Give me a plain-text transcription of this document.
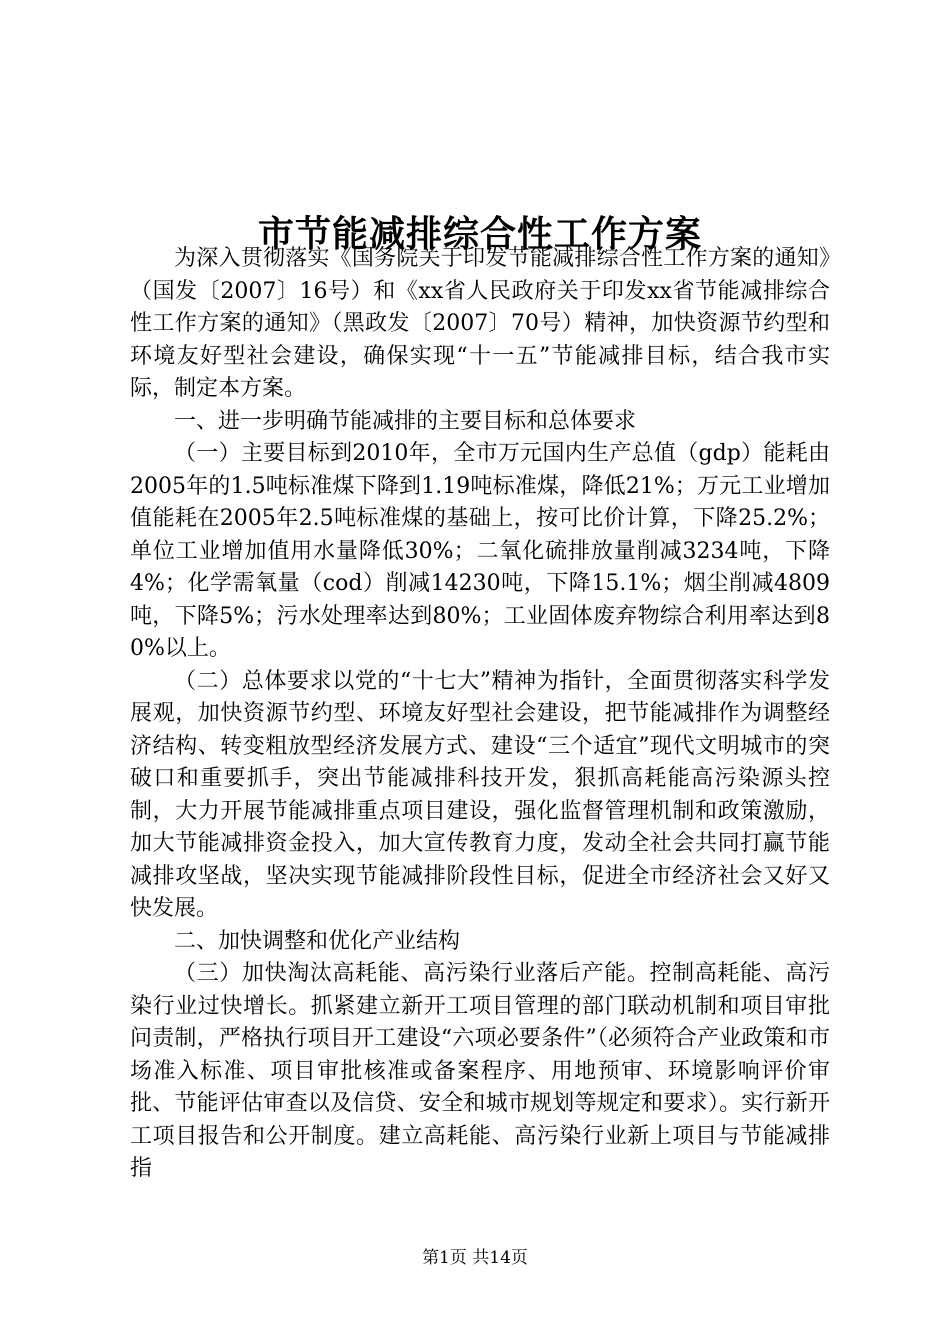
市节能减排综合性工作方案

为深入贯彻落实《国务院关于印发节能减排综合性工作方案的通知》（国发〔2007〕16号）和《xx省人民政府关于印发xx省节能减排综合性工作方案的通知》（黑政发〔2007〕70号）精神，加快资源节约型和环境友好型社会建设，确保实现“十一五”节能减排目标，结合我市实际，制定本方案。

一、进一步明确节能减排的主要目标和总体要求

（一）主要目标到2010年，全市万元国内生产总值（gdp）能耗由2005年的1.5吨标准煤下降到1.19吨标准煤，降低21%；万元工业增加值能耗在2005年2.5吨标准煤的基础上，按可比价计算，下降25.2%；单位工业增加值用水量降低30%；二氧化硫排放量削减3234吨，下降4%；化学需氧量（cod）削减14230吨，下降15.1%；烟尘削减4809吨，下降5%；污水处理率达到80%；工业固体废弃物综合利用率达到80%以上。

（二）总体要求以党的“十七大”精神为指针，全面贯彻落实科学发展观，加快资源节约型、环境友好型社会建设，把节能减排作为调整经济结构、转变粗放型经济发展方式、建设“三个适宜”现代文明城市的突破口和重要抓手，突出节能减排科技开发，狠抓高耗能高污染源头控制，大力开展节能减排重点项目建设，强化监督管理机制和政策激励，加大节能减排资金投入，加大宣传教育力度，发动全社会共同打赢节能减排攻坚战，坚决实现节能减排阶段性目标，促进全市经济社会又好又快发展。

二、加快调整和优化产业结构

（三）加快淘汰高耗能、高污染行业落后产能。控制高耗能、高污染行业过快增长。抓紧建立新开工项目管理的部门联动机制和项目审批问责制，严格执行项目开工建设“六项必要条件”（必须符合产业政策和市场准入标准、项目审批核准或备案程序、用地预审、环境影响评价审批、节能评估审查以及信贷、安全和城市规划等规定和要求）。实行新开工项目报告和公开制度。建立高耗能、高污染行业新上项目与节能减排指

第1页 共14页
